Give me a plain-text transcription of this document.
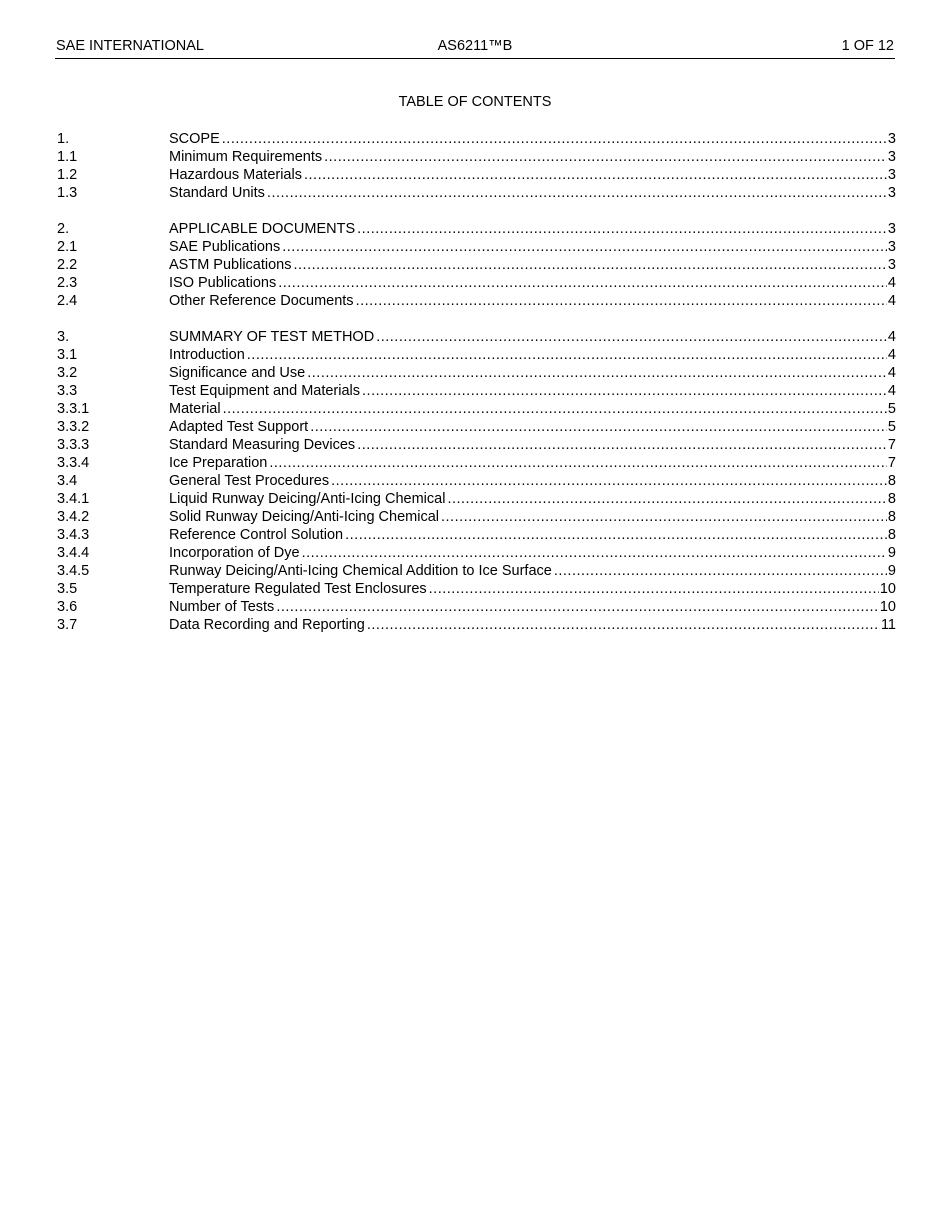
SAE INTERNATIONAL	AS6211™B	1 OF 12
TABLE OF CONTENTS
1.	SCOPE .....	3
1.1	Minimum Requirements .....	3
1.2	Hazardous Materials .....	3
1.3	Standard Units .....	3
2.	APPLICABLE DOCUMENTS .....	3
2.1	SAE Publications .....	3
2.2	ASTM Publications .....	3
2.3	ISO Publications .....	4
2.4	Other Reference Documents .....	4
3.	SUMMARY OF TEST METHOD .....	4
3.1	Introduction .....	4
3.2	Significance and Use .....	4
3.3	Test Equipment and Materials .....	4
3.3.1	Material .....	5
3.3.2	Adapted Test Support .....	5
3.3.3	Standard Measuring Devices .....	7
3.3.4	Ice Preparation .....	7
3.4	General Test Procedures .....	8
3.4.1	Liquid Runway Deicing/Anti-Icing Chemical .....	8
3.4.2	Solid Runway Deicing/Anti-Icing Chemical .....	8
3.4.3	Reference Control Solution .....	8
3.4.4	Incorporation of Dye .....	9
3.4.5	Runway Deicing/Anti-Icing Chemical Addition to Ice Surface .....	9
3.5	Temperature Regulated Test Enclosures .....	10
3.6	Number of Tests .....	10
3.7	Data Recording and Reporting .....	11
